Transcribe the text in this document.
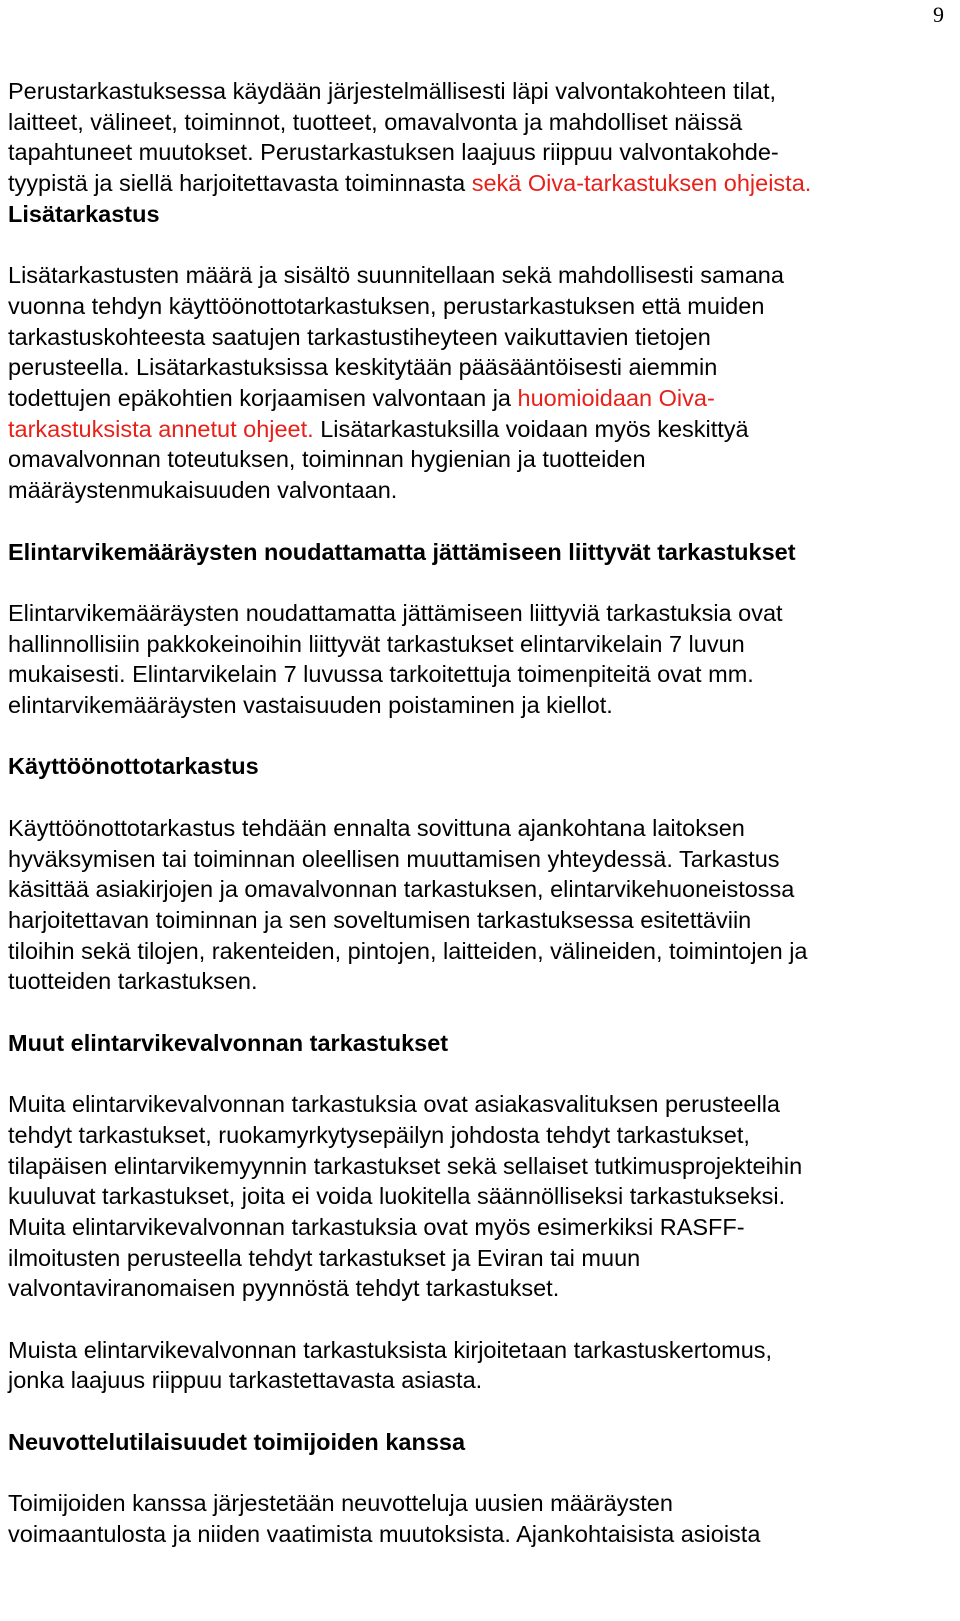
9
Perustarkastuksessa käydään järjestelmällisesti läpi valvontakohteen tilat,
laitteet, välineet, toiminnot, tuotteet, omavalvonta ja mahdolliset näissä
tapahtuneet muutokset. Perustarkastuksen laajuus riippuu valvontakohde-
tyypistä ja siellä harjoitettavasta toiminnasta sekä Oiva-tarkastuksen ohjeista.
Lisätarkastus
Lisätarkastusten määrä ja sisältö suunnitellaan sekä mahdollisesti samana
vuonna tehdyn käyttöönottotarkastuksen, perustarkastuksen että muiden
tarkastuskohteesta saatujen tarkastustiheyteen vaikuttavien tietojen
perusteella. Lisätarkastuksissa keskitytään pääsääntöisesti aiemmin
todettujen epäkohtien korjaamisen valvontaan ja huomioidaan Oiva-
tarkastuksista annetut ohjeet. Lisätarkastuksilla voidaan myös keskittyä
omavalvonnan toteutuksen, toiminnan hygienian ja tuotteiden
määräystenmukaisuuden valvontaan.
Elintarvikemääräysten noudattamatta jättämiseen liittyvät tarkastukset
Elintarvikemääräysten noudattamatta jättämiseen liittyviä tarkastuksia ovat
hallinnollisiin pakkokeinoihin liittyvät tarkastukset elintarvikelain 7 luvun
mukaisesti. Elintarvikelain 7 luvussa tarkoitettuja toimenpiteitä ovat mm.
elintarvikemääräysten vastaisuuden poistaminen ja kiellot.
Käyttöönottotarkastus
Käyttöönottotarkastus tehdään ennalta sovittuna ajankohtana laitoksen
hyväksymisen tai toiminnan oleellisen muuttamisen yhteydessä. Tarkastus
käsittää asiakirjojen ja omavalvonnan tarkastuksen, elintarvikehuoneistossa
harjoitettavan toiminnan ja sen soveltumisen tarkastuksessa esitettäviin
tiloihin sekä tilojen, rakenteiden, pintojen, laitteiden, välineiden, toimintojen ja
tuotteiden tarkastuksen.
Muut elintarvikevalvonnan tarkastukset
Muita elintarvikevalvonnan tarkastuksia ovat asiakasvalituksen perusteella
tehdyt tarkastukset, ruokamyrkytysepäilyn johdosta tehdyt tarkastukset,
tilapäisen elintarvikemyynnin tarkastukset sekä sellaiset tutkimusprojekteihin
kuuluvat tarkastukset, joita ei voida luokitella säännölliseksi tarkastukseksi.
Muita elintarvikevalvonnan tarkastuksia ovat myös esimerkiksi RASFF-
ilmoitusten perusteella tehdyt tarkastukset ja Eviran tai muun
valvontaviranomaisen pyynnöstä tehdyt tarkastukset.
Muista elintarvikevalvonnan tarkastuksista kirjoitetaan tarkastuskertomus,
jonka laajuus riippuu tarkastettavasta asiasta.
Neuvottelutilaisuudet toimijoiden kanssa
Toimijoiden kanssa järjestetään neuvotteluja uusien määräysten
voimaantulosta ja niiden vaatimista muutoksista. Ajankohtaisista asioista
